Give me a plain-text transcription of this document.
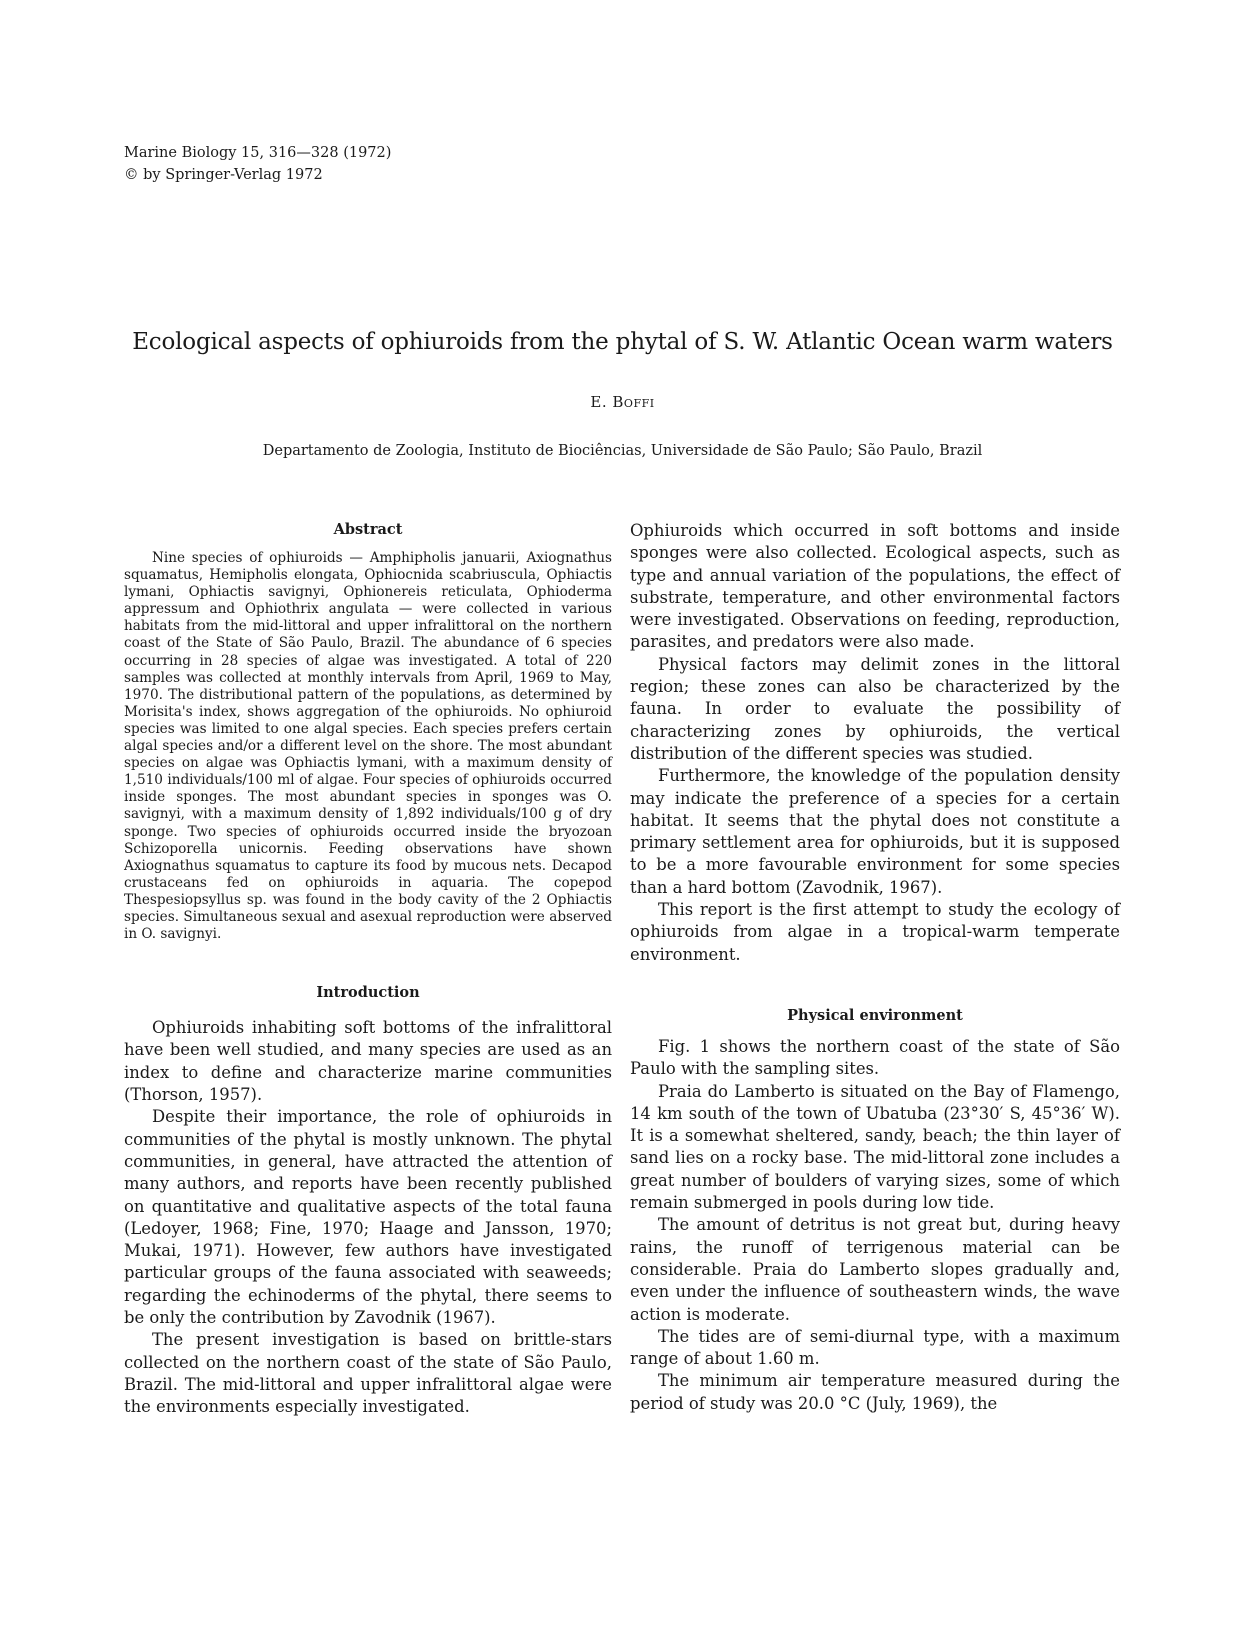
Marine Biology 15, 316—328 (1972)
© by Springer-Verlag 1972
Ecological aspects of ophiuroids from the phytal of S. W. Atlantic Ocean warm waters
E. Boffi
Departamento de Zoologia, Instituto de Biociências, Universidade de São Paulo; São Paulo, Brazil

Abstract

Nine species of ophiuroids — Amphipholis januarii, Axiognathus squamatus, Hemipholis elongata, Ophiocnida scabriuscula, Ophiactis lymani, Ophiactis savignyi, Ophionereis reticulata, Ophioderma appressum and Ophiothrix angulata — were collected in various habitats from the mid-littoral and upper infralittoral on the northern coast of the State of São Paulo, Brazil. The abundance of 6 species occurring in 28 species of algae was investigated. A total of 220 samples was collected at monthly intervals from April, 1969 to May, 1970. The distributional pattern of the populations, as determined by Morisita's index, shows aggregation of the ophiuroids. No ophiuroid species was limited to one algal species. Each species prefers certain algal species and/or a different level on the shore. The most abundant species on algae was Ophiactis lymani, with a maximum density of 1,510 individuals/100 ml of algae. Four species of ophiuroids occurred inside sponges. The most abundant species in sponges was O. savignyi, with a maximum density of 1,892 individuals/100 g of dry sponge. Two species of ophiuroids occurred inside the bryozoan Schizoporella unicornis. Feeding observations have shown Axiognathus squamatus to capture its food by mucous nets. Decapod crustaceans fed on ophiuroids in aquaria. The copepod Thespesiopsyllus sp. was found in the body cavity of the 2 Ophiactis species. Simultaneous sexual and asexual reproduction were abserved in O. savignyi.

Introduction

Ophiuroids inhabiting soft bottoms of the infralittoral have been well studied, and many species are used as an index to define and characterize marine communities (Thorson, 1957).

Despite their importance, the role of ophiuroids in communities of the phytal is mostly unknown. The phytal communities, in general, have attracted the attention of many authors, and reports have been recently published on quantitative and qualitative aspects of the total fauna (Ledoyer, 1968; Fine, 1970; Haage and Jansson, 1970; Mukai, 1971). However, few authors have investigated particular groups of the fauna associated with seaweeds; regarding the echinoderms of the phytal, there seems to be only the contribution by Zavodnik (1967).

The present investigation is based on brittle-stars collected on the northern coast of the state of São Paulo, Brazil. The mid-littoral and upper infralittoral algae were the environments especially investigated.

Ophiuroids which occurred in soft bottoms and inside sponges were also collected. Ecological aspects, such as type and annual variation of the populations, the effect of substrate, temperature, and other environmental factors were investigated. Observations on feeding, reproduction, parasites, and predators were also made.

Physical factors may delimit zones in the littoral region; these zones can also be characterized by the fauna. In order to evaluate the possibility of characterizing zones by ophiuroids, the vertical distribution of the different species was studied.

Furthermore, the knowledge of the population density may indicate the preference of a species for a certain habitat. It seems that the phytal does not constitute a primary settlement area for ophiuroids, but it is supposed to be a more favourable environment for some species than a hard bottom (Zavodnik, 1967).

This report is the first attempt to study the ecology of ophiuroids from algae in a tropical-warm temperate environment.

Physical environment

Fig. 1 shows the northern coast of the state of São Paulo with the sampling sites.

Praia do Lamberto is situated on the Bay of Flamengo, 14 km south of the town of Ubatuba (23°30′ S, 45°36′ W). It is a somewhat sheltered, sandy, beach; the thin layer of sand lies on a rocky base. The mid-littoral zone includes a great number of boulders of varying sizes, some of which remain submerged in pools during low tide.

The amount of detritus is not great but, during heavy rains, the runoff of terrigenous material can be considerable. Praia do Lamberto slopes gradually and, even under the influence of southeastern winds, the wave action is moderate.

The tides are of semi-diurnal type, with a maximum range of about 1.60 m.

The minimum air temperature measured during the period of study was 20.0 °C (July, 1969), the
